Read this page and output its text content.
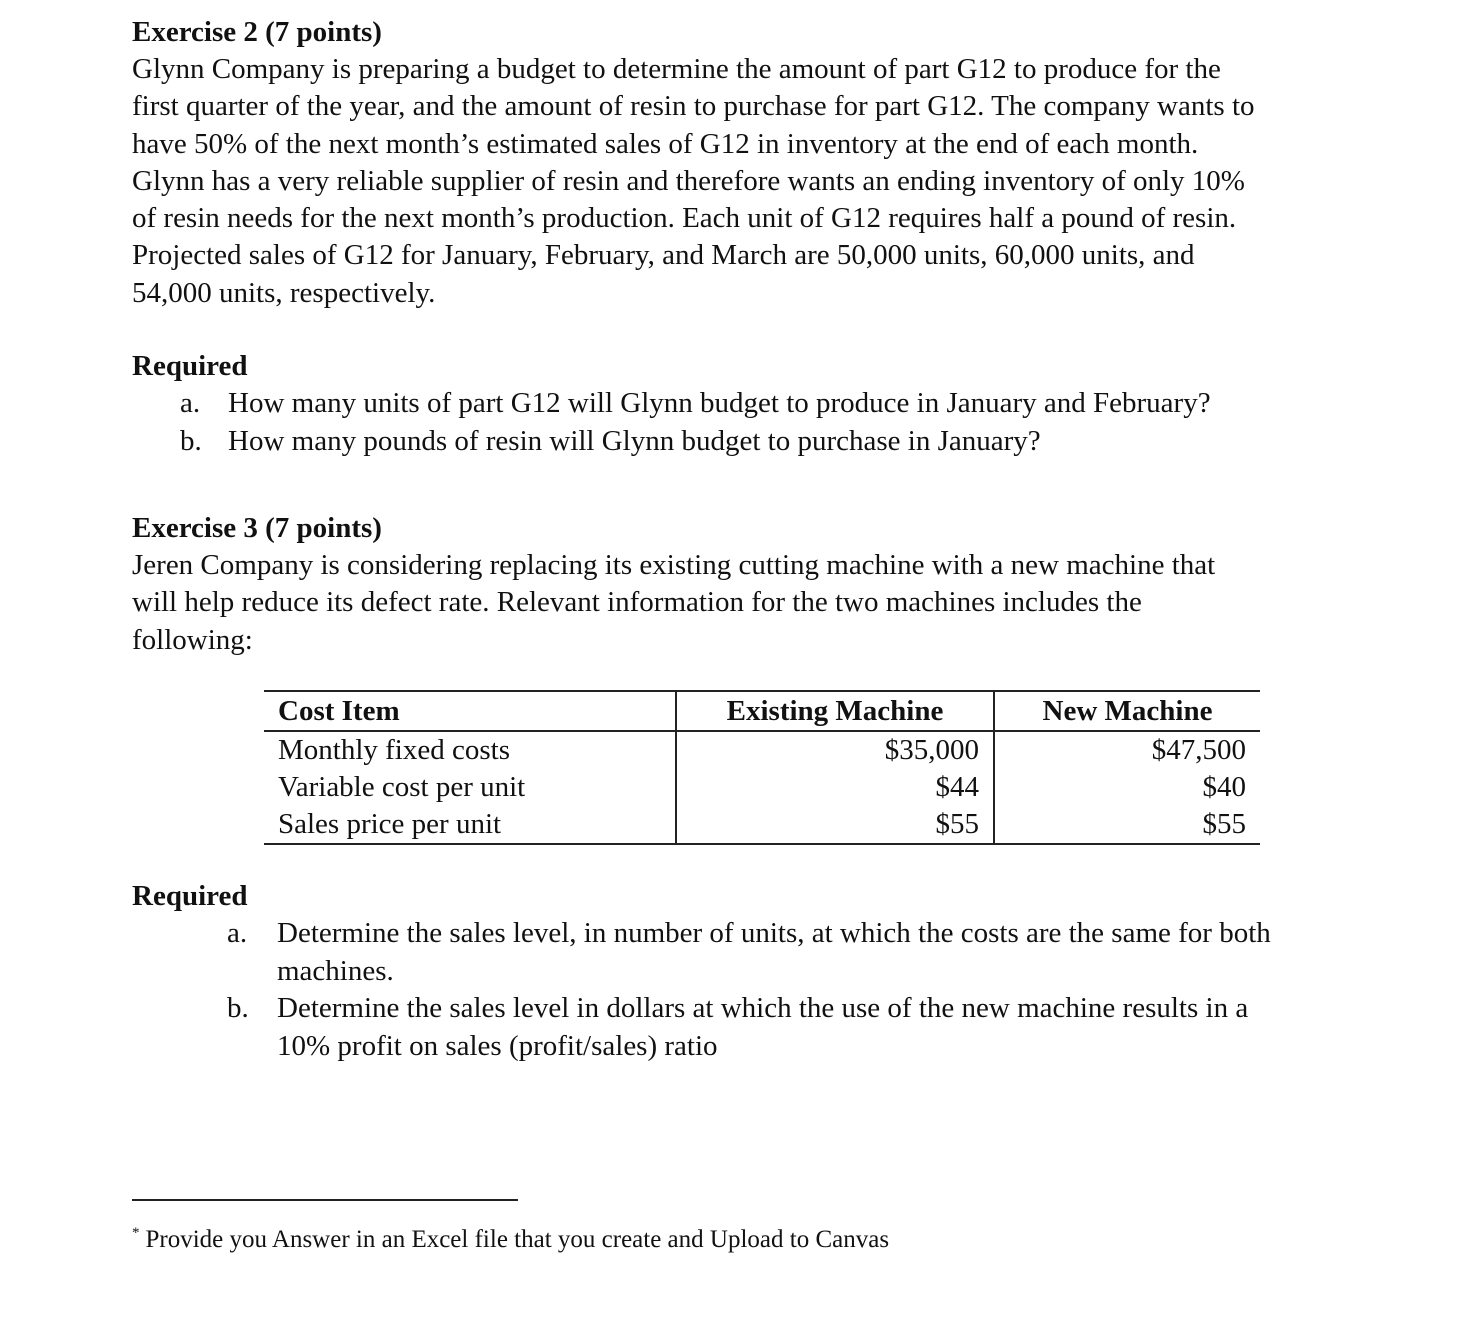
Exercise 2 (7 points)

Glynn Company is preparing a budget to determine the amount of part G12 to produce for the

first quarter of the year, and the amount of resin to purchase for part G12. The company wants to

have 50% of the next month’s estimated sales of G12 in inventory at the end of each month.

Glynn has a very reliable supplier of resin and therefore wants an ending inventory of only 10%

of resin needs for the next month’s production. Each unit of G12 requires half a pound of resin.

Projected sales of G12 for January, February, and March are 50,000 units, 60,000 units, and

54,000 units, respectively.

Required

a. How many units of part G12 will Glynn budget to produce in January and February?
b. How many pounds of resin will Glynn budget to purchase in January?

Exercise 3 (7 points)

Jeren Company is considering replacing its existing cutting machine with a new machine that

will help reduce its defect rate. Relevant information for the two machines includes the

following:

Required

a. Determine the sales level, in number of units, at which the costs are the same for both
machines.
b. Determine the sales level in dollars at which the use of the new machine results in a
10% profit on sales (profit/sales) ratio
Cost Item	Existing Machine	New Machine
Monthly fixed costs	$35,000	$47,500
Variable cost per unit	$44	$40
Sales price per unit	$55	$55
* Provide you Answer in an Excel file that you create and Upload to Canvas
